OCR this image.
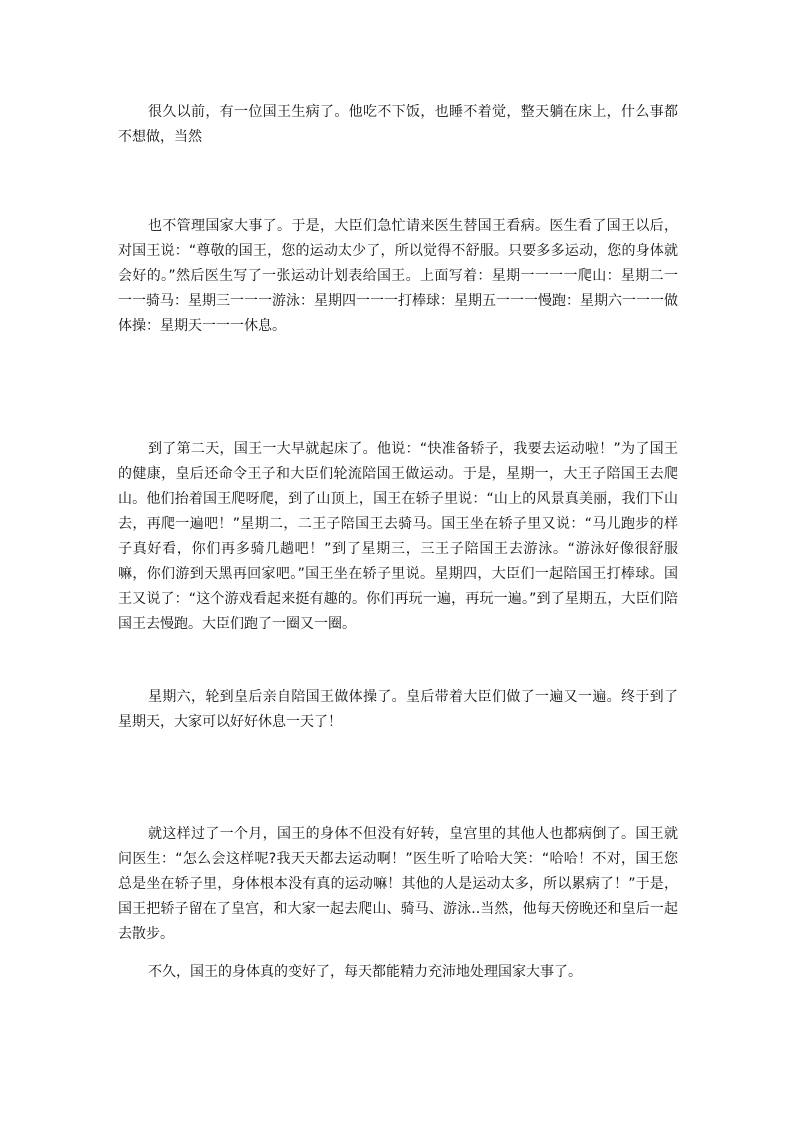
很久以前，有一位国王生病了。他吃不下饭，也睡不着觉，整天躺在床上，什么事都不想做，当然

也不管理国家大事了。于是，大臣们急忙请来医生替国王看病。医生看了国王以后，对国王说：“尊敬的国王，您的运动太少了，所以觉得不舒服。只要多多运动，您的身体就会好的。”然后医生写了一张运动计划表给国王。上面写着：星期一一一一爬山：星期二一一一骑马：星期三一一一游泳：星期四一一一打棒球：星期五一一一慢跑：星期六一一一做体操：星期天一一一休息。

到了第二天，国王一大早就起床了。他说：“快准备轿子，我要去运动啦！”为了国王的健康，皇后还命令王子和大臣们轮流陪国王做运动。于是，星期一，大王子陪国王去爬山。他们抬着国王爬呀爬，到了山顶上，国王在轿子里说：“山上的风景真美丽，我们下山去，再爬一遍吧！”星期二，二王子陪国王去骑马。国王坐在轿子里又说：“马儿跑步的样子真好看，你们再多骑几趟吧！”到了星期三，三王子陪国王去游泳。“游泳好像很舒服嘛，你们游到天黑再回家吧。”国王坐在轿子里说。星期四，大臣们一起陪国王打棒球。国王又说了：“这个游戏看起来挺有趣的。你们再玩一遍，再玩一遍。”到了星期五，大臣们陪国王去慢跑。大臣们跑了一圈又一圈。

星期六，轮到皇后亲自陪国王做体操了。皇后带着大臣们做了一遍又一遍。终于到了星期天，大家可以好好休息一天了！

就这样过了一个月，国王的身体不但没有好转，皇宫里的其他人也都病倒了。国王就问医生：“怎么会这样呢?我天天都去运动啊！”医生听了哈哈大笑：“哈哈！不对，国王您总是坐在轿子里，身体根本没有真的运动嘛！其他的人是运动太多，所以累病了！”于是，国王把轿子留在了皇宫，和大家一起去爬山、骑马、游泳..当然，他每天傍晚还和皇后一起去散步。

不久，国王的身体真的变好了，每天都能精力充沛地处理国家大事了。
